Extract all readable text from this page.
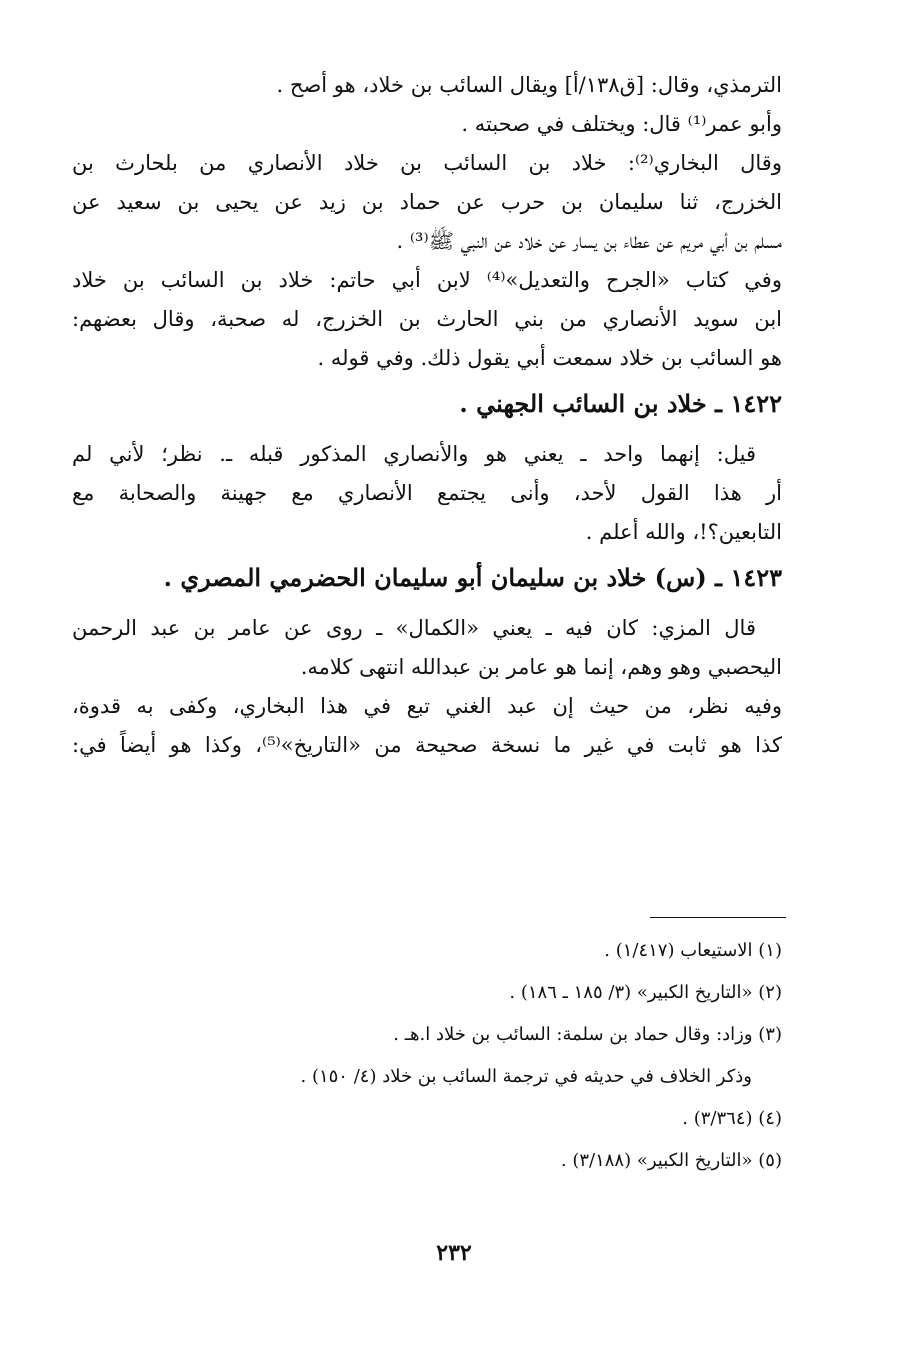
الترمذي، وقال: [ق١٣٨/أ] ويقال السائب بن خلاد، هو أصح .
وأبو عمر⁽¹⁾ قال: ويختلف في صحبته .
وقال البخاري⁽²⁾: خلاد بن السائب بن خلاد الأنصاري من بلحارث بن
الخزرج، ثنا سليمان بن حرب عن حماد بن زيد عن يحيى بن سعيد عن
مسلم بن أبي مريم عن عطاء بن يسار عن خلاد عن النبي ﷺ⁽³⁾ .
وفي كتاب «الجرح والتعديل»⁽⁴⁾ لابن أبي حاتم: خلاد بن السائب بن خلاد
ابن سويد الأنصاري من بني الحارث بن الخزرج، له صحبة، وقال بعضهم:
هو السائب بن خلاد سمعت أبي يقول ذلك. وفي قوله .
١٤٢٢ ـ خلاد بن السائب الجهني .
قيل: إنهما واحد ـ يعني هو والأنصاري المذكور قبله ـ. نظر؛ لأني لم
أر هذا القول لأحد، وأنى يجتمع الأنصاري مع جهينة والصحابة مع
التابعين؟!، والله أعلم .
١٤٢٣ ـ (س) خلاد بن سليمان أبو سليمان الحضرمي المصري .
قال المزي: كان فيه ـ يعني «الكمال» ـ روى عن عامر بن عبد الرحمن
اليحصبي وهو وهم، إنما هو عامر بن عبدالله انتهى كلامه.
وفيه نظر، من حيث إن عبد الغني تبع في هذا البخاري، وكفى به قدوة،
كذا هو ثابت في غير ما نسخة صحيحة من «التاريخ»⁽⁵⁾، وكذا هو أيضاً في:
(١) الاستيعاب (١/٤١٧) .
(٢) «التاريخ الكبير» (٣/ ١٨٥ ـ ١٨٦) .
(٣) وزاد: وقال حماد بن سلمة: السائب بن خلاد ا.هـ .
وذكر الخلاف في حديثه في ترجمة السائب بن خلاد (٤/ ١٥٠) .
(٤) (٣/٣٦٤) .
(٥) «التاريخ الكبير» (٣/١٨٨) .
٢٣٢
